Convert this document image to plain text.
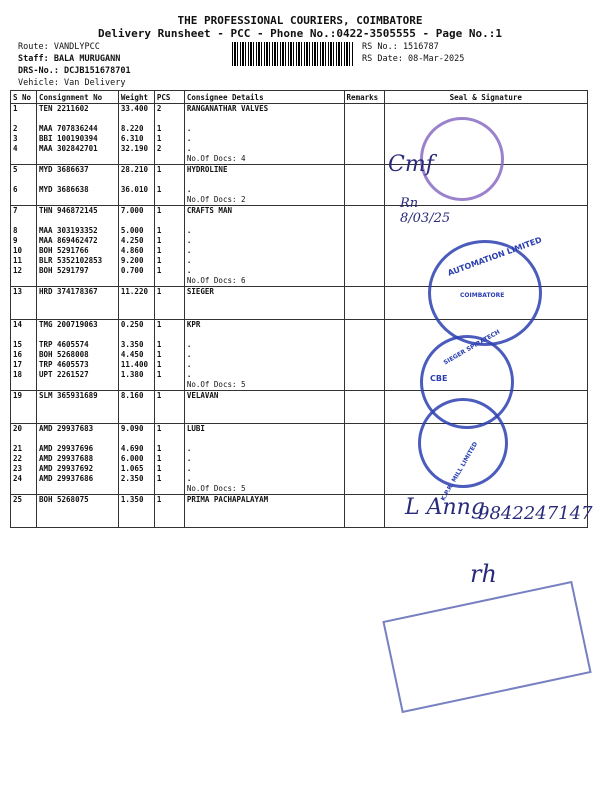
THE PROFESSIONAL COURIERS, COIMBATORE
Delivery Runsheet - PCC - Phone No.:0422-3505555 - Page No.:1
Route: VANDLYPCC
Staff: BALA MURUGANN
DRS-No.: DCJB151678701
Vehicle: Van Delivery
RS No.: 1516787
RS Date: 08-Mar-2025
S No	Consignment No	Weight	PCS	Consignee Details	Remarks	Seal & Signature
1	TEN 2211602	33.400	2	RANGANATHAR VALVES		

2	MAA 707836244	8.220	1	.		
3	BBI 100190394	6.310	1	.		
4	MAA 302842701	32.190	2	.		
				No.Of Docs: 4		
5	MYD 3686637	28.210	1	HYDROLINE		

6	MYD 3686638	36.010	1	.		
				No.Of Docs: 2		
7	THN 946872145	7.000	1	CRAFTS MAN		

8	MAA 303193352	5.000	1	.		
9	MAA 869462472	4.250	1	.		
10	BOH 5291766	4.860	1	.		
11	BLR 5352102853	9.200	1	.		
12	BOH 5291797	0.700	1	.		
				No.Of Docs: 6		
13	HRD 374178367	11.220	1	SIEGER		

14	TMG 200719063	0.250	1	KPR		

15	TRP 4605574	3.350	1	.		
16	BOH 5268008	4.450	1	.		
17	TRP 4605573	11.400	1	.		
18	UPT 2261527	1.380	1	.		
				No.Of Docs: 5		
19	SLM 365931689	8.160	1	VELAVAN		

20	AMD 29937683	9.090	1	LUBI		

21	AMD 29937696	4.690	1	.		
22	AMD 29937688	6.000	1	.		
23	AMD 29937692	1.065	1	.		
24	AMD 29937686	2.350	1	.		
				No.Of Docs: 5		
25	BOH 5268075	1.350	1	PRIMA PACHAPALAYAM		

Cmf
Rn
8/03/25
AUTOMATION LIMITED
COIMBATORE
CBE
SIEGER SPIRATECH
K.P.R. MILL LIMITED
L Anng
9842247147
rh
